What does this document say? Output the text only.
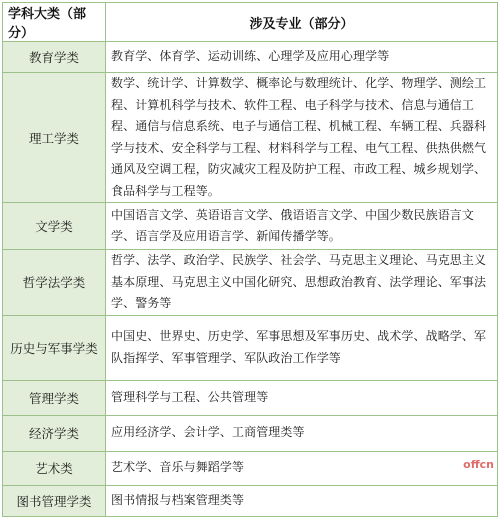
学科大类（部分）	涉及专业（部分）
教育学类	教育学、体育学、运动训练、心理学及应用心理学等
理工学类	数学、统计学、计算数学、概率论与数理统计、化学、物理学、测绘工程、计算机科学与技术、软件工程、电子科学与技术、信息与通信工程、通信与信息系统、电子与通信工程、机械工程、车辆工程、兵器科学与技术、安全科学与工程、材料科学与工程、电气工程、供热供燃气通风及空调工程，防灾减灾工程及防护工程、市政工程、城乡规划学、食品科学与工程等。
文学类	中国语言文学、英语语言文学、俄语语言文学、中国少数民族语言文学、语言学及应用语言学、新闻传播学等。
哲学法学类	哲学、法学、政治学、民族学、社会学、马克思主义理论、马克思主义基本原理、马克思主义中国化研究、思想政治教育、法学理论、军事法学、警务等
历史与军事学类	中国史、世界史、历史学、军事思想及军事历史、战术学、战略学、军队指挥学、军事管理学、军队政治工作学等
管理学类	管理科学与工程、公共管理等
经济学类	应用经济学、会计学、工商管理类等
艺术类	艺术学、音乐与舞蹈学等
图书管理学类	图书情报与档案管理类等
offcn
